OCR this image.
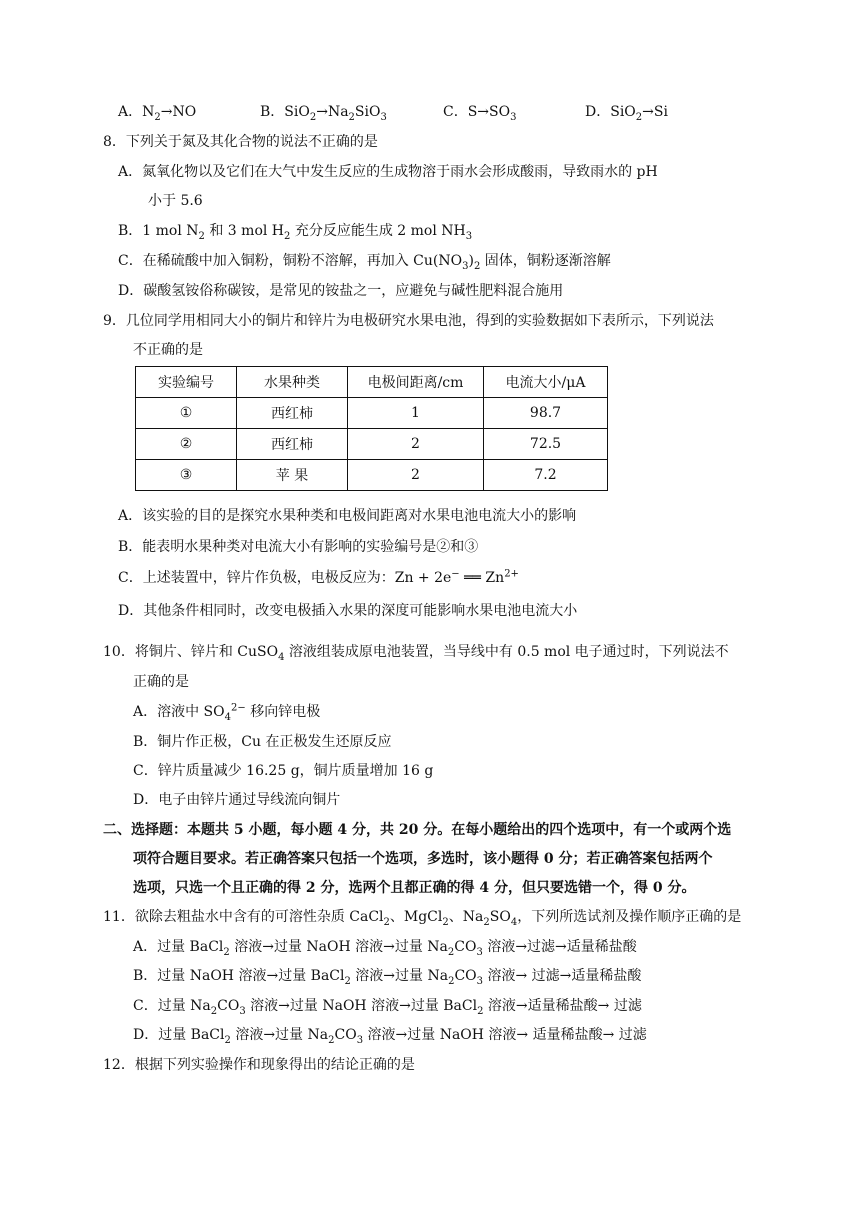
A．$N_2\to NO$	B．$SiO_2\to Na_2SiO_3$	C．$S\to SO_3$	D．SiO$_2$→Si
8．下列关于氮及其化合物的说法不正确的是
A．氮氧化物以及它们在大气中发生反应的生成物溶于雨水会形成酸雨，导致雨水的 pH
小于 5.6
B．1 mol $N_2$ 和 3 mol $H_2$ 充分反应能生成 2 mol $NH_3$
C．在稀硫酸中加入铜粉，铜粉不溶解，再加入 $Cu(NO_3)_2$ 固体，铜粉逐渐溶解
D．碳酸氢铵俗称碳铵，是常见的铵盐之一，应避免与碱性肥料混合施用
9．几位同学用相同大小的铜片和锌片为电极研究水果电池，得到的实验数据如下表所示，下列说法
不正确的是
实验编号	水果种类	电极间距离/cm	电流大小/μA
①	西红柿	1	98.7
②	西红柿	2	72.5
③	苹 果	2	7.2
A．该实验的目的是探究水果种类和电极间距离对水果电池电流大小的影响
B．能表明水果种类对电流大小有影响的实验编号是②和③
C．上述装置中，锌片作负极，电极反应为：Zn + 2e− ══ $Zn^{2+}$
D．其他条件相同时，改变电极插入水果的深度可能影响水果电池电流大小
10．将铜片、锌片和 CuSO$_4$ 溶液组装成原电池装置，当导线中有 0.5 mol 电子通过时，下列说法不
正确的是
A．溶液中 $SO_4^{2-}$ 移向锌电极
B．铜片作正极，Cu 在正极发生还原反应
C．锌片质量减少 16.25 g，铜片质量增加 16 g
D．电子由锌片通过导线流向铜片
二、选择题：本题共 5 小题，每小题 4 分，共 20 分。在每小题给出的四个选项中，有一个或两个选
项符合题目要求。若正确答案只包括一个选项，多选时，该小题得 0 分；若正确答案包括两个
选项，只选一个且正确的得 2 分，选两个且都正确的得 4 分，但只要选错一个，得 0 分。
11．欲除去粗盐水中含有的可溶性杂质 CaCl$_2$、MgCl$_2$、$Na_2SO_4$，下列所选试剂及操作顺序正确的是
A．过量 BaCl$_2$ 溶液→过量 NaOH 溶液→过量 $Na_2CO_3$ 溶液→过滤→适量稀盐酸
B．过量 NaOH 溶液→过量 BaCl$_2$ 溶液→过量 $Na_2CO_3$ 溶液→ 过滤→适量稀盐酸
C．过量 $Na_2CO_3$ 溶液→过量 NaOH 溶液→过量 BaCl$_2$ 溶液→适量稀盐酸→ 过滤
D．过量 BaCl$_2$ 溶液→过量 $Na_2CO_3$ 溶液→过量 NaOH 溶液→ 适量稀盐酸→ 过滤
12．根据下列实验操作和现象得出的结论正确的是
